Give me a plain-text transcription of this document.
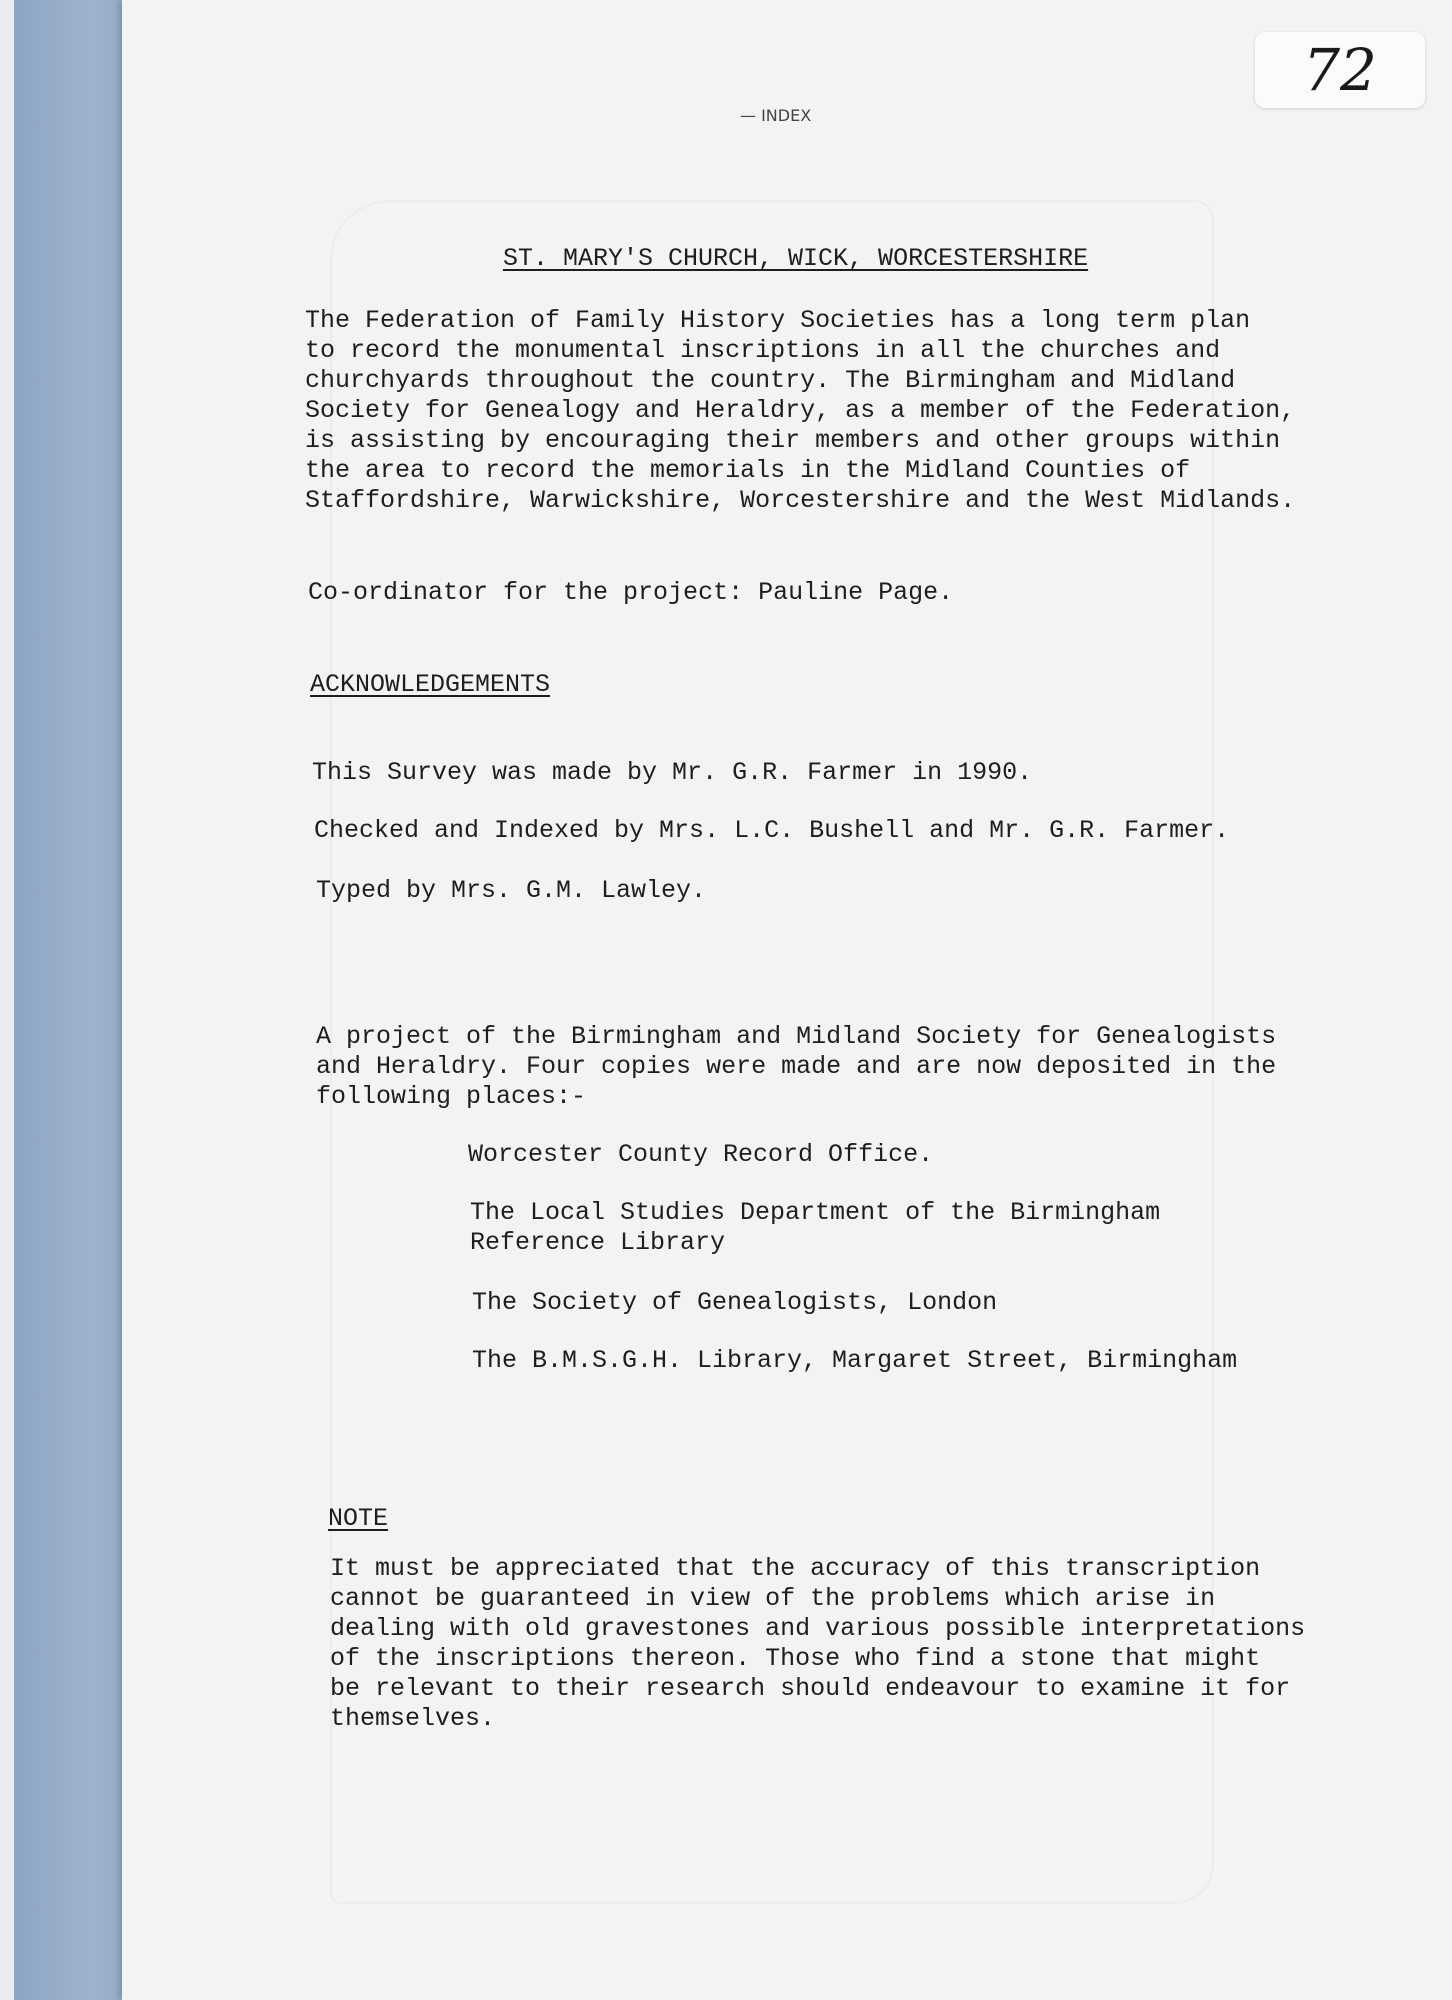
72
— INDEX
ST. MARY'S CHURCH, WICK, WORCESTERSHIRE

The Federation of Family History Societies has a long term plan
to record the monumental inscriptions in all the churches and
churchyards throughout the country. The Birmingham and Midland
Society for Genealogy and Heraldry, as a member of the Federation,
is assisting by encouraging their members and other groups within
the area to record the memorials in the Midland Counties of
Staffordshire, Warwickshire, Worcestershire and the West Midlands.

Co-ordinator for the project: Pauline Page.

ACKNOWLEDGEMENTS

This Survey was made by Mr. G.R. Farmer in 1990.

Checked and Indexed by Mrs. L.C. Bushell and Mr. G.R. Farmer.

Typed by Mrs. G.M. Lawley.

A project of the Birmingham and Midland Society for Genealogists
and Heraldry. Four copies were made and are now deposited in the
following places:-

Worcester County Record Office.

The Local Studies Department of the Birmingham
Reference Library

The Society of Genealogists, London

The B.M.S.G.H. Library, Margaret Street, Birmingham

NOTE

It must be appreciated that the accuracy of this transcription
cannot be guaranteed in view of the problems which arise in
dealing with old gravestones and various possible interpretations
of the inscriptions thereon. Those who find a stone that might
be relevant to their research should endeavour to examine it for
themselves.
